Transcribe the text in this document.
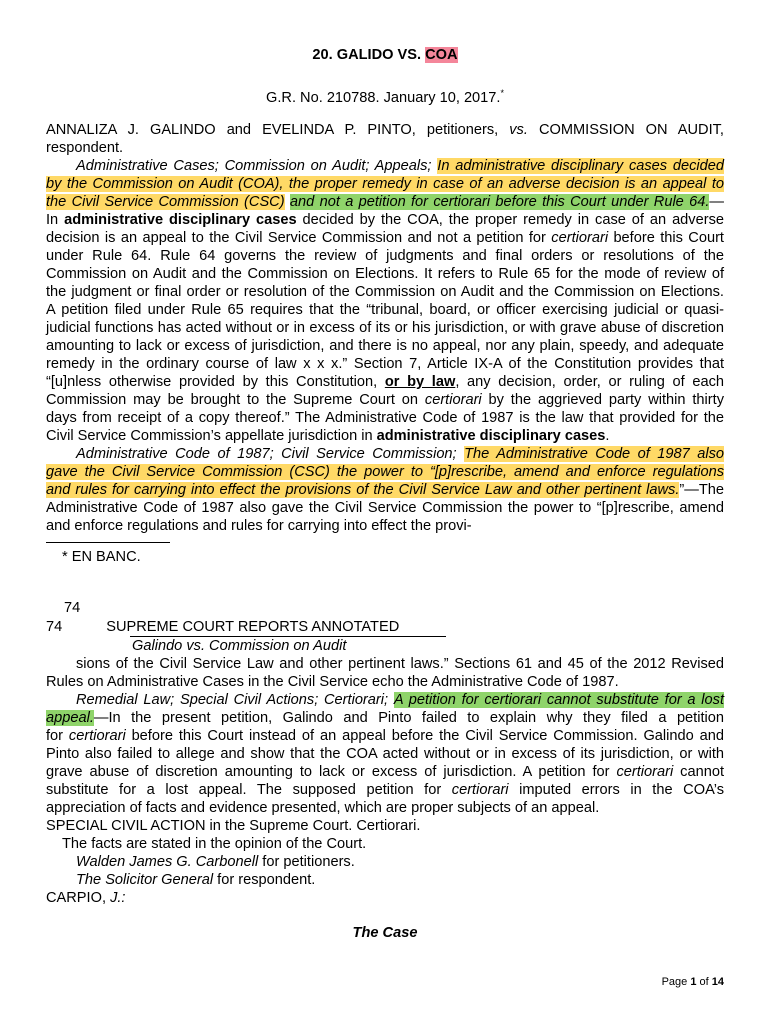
20. GALIDO VS. COA
G.R. No. 210788. January 10, 2017.*
ANNALIZA J. GALINDO and EVELINDA P. PINTO, petitioners, vs. COMMISSION ON AUDIT,
respondent.
Administrative Cases; Commission on Audit; Appeals; In administrative disciplinary cases decided
by the Commission on Audit (COA), the proper remedy in case of an adverse decision is an appeal to
the Civil Service Commission (CSC) and not a petition for certiorari before this Court under Rule 64.—
In administrative disciplinary cases decided by the COA, the proper remedy in case of an adverse
decision is an appeal to the Civil Service Commission and not a petition for certiorari before this Court
under Rule 64. Rule 64 governs the review of judgments and final orders or resolutions of the
Commission on Audit and the Commission on Elections. It refers to Rule 65 for the mode of review of
the judgment or final order or resolution of the Commission on Audit and the Commission on Elections.
A petition filed under Rule 65 requires that the “tribunal, board, or officer exercising judicial or quasi-
judicial functions has acted without or in excess of its or his jurisdiction, or with grave abuse of discretion
amounting to lack or excess of jurisdiction, and there is no appeal, nor any plain, speedy, and adequate
remedy in the ordinary course of law x x x.” Section 7, Article IX-A of the Constitution provides that
“[u]nless otherwise provided by this Constitution, or by law, any decision, order, or ruling of each
Commission may be brought to the Supreme Court on certiorari by the aggrieved party within thirty
days from receipt of a copy thereof.” The Administrative Code of 1987 is the law that provided for the
Civil Service Commission’s appellate jurisdiction in administrative disciplinary cases.
Administrative Code of 1987; Civil Service Commission; The Administrative Code of 1987 also
gave the Civil Service Commission (CSC) the power to “[p]rescribe, amend and enforce regulations
and rules for carrying into effect the provisions of the Civil Service Law and other pertinent laws.”—The
Administrative Code of 1987 also gave the Civil Service Commission the power to “[p]rescribe, amend
and enforce regulations and rules for carrying into effect the provi-
* EN BANC.
74
74	SUPREME COURT REPORTS ANNOTATED
Galindo vs. Commission on Audit
sions of the Civil Service Law and other pertinent laws.” Sections 61 and 45 of the 2012 Revised
Rules on Administrative Cases in the Civil Service echo the Administrative Code of 1987.
Remedial Law; Special Civil Actions; Certiorari; A petition for certiorari cannot substitute for a lost
appeal.—In the present petition, Galindo and Pinto failed to explain why they filed a petition
for certiorari before this Court instead of an appeal before the Civil Service Commission. Galindo and
Pinto also failed to allege and show that the COA acted without or in excess of its jurisdiction, or with
grave abuse of discretion amounting to lack or excess of jurisdiction. A petition for certiorari cannot
substitute for a lost appeal. The supposed petition for certiorari imputed errors in the COA’s
appreciation of facts and evidence presented, which are proper subjects of an appeal.
SPECIAL CIVIL ACTION in the Supreme Court. Certiorari.
The facts are stated in the opinion of the Court.
Walden James G. Carbonell for petitioners.
The Solicitor General for respondent.
CARPIO, J.:
The Case
Page 1 of 14
